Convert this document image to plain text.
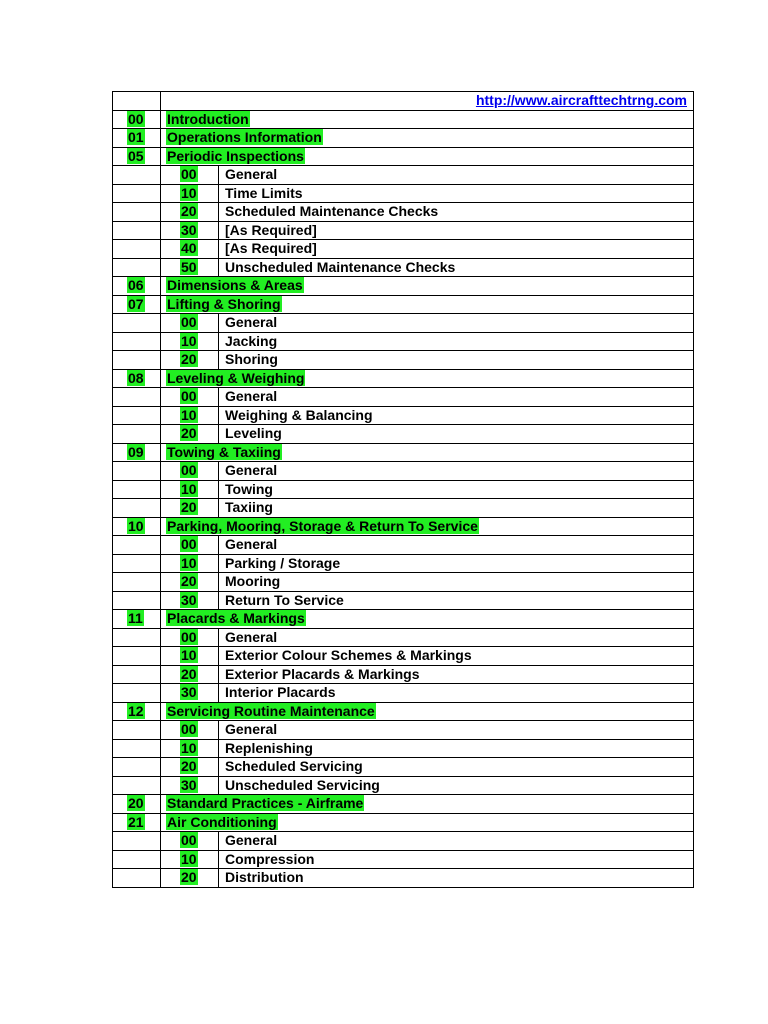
	http://www.aircrafttechtrng.com	
00	Introduction	
01	Operations Information	
05	Periodic Inspections	
	00	General
	10	Time Limits
	20	Scheduled Maintenance Checks
	30	[As Required]
	40	[As Required]
	50	Unscheduled Maintenance Checks
06	Dimensions & Areas	
07	Lifting & Shoring	
	00	General
	10	Jacking
	20	Shoring
08	Leveling & Weighing	
	00	General
	10	Weighing & Balancing
	20	Leveling
09	Towing & Taxiing	
	00	General
	10	Towing
	20	Taxiing
10	Parking, Mooring, Storage & Return To Service	
	00	General
	10	Parking / Storage
	20	Mooring
	30	Return To Service
11	Placards & Markings	
	00	General
	10	Exterior Colour Schemes & Markings
	20	Exterior Placards & Markings
	30	Interior Placards
12	Servicing Routine Maintenance	
	00	General
	10	Replenishing
	20	Scheduled Servicing
	30	Unscheduled Servicing
20	Standard Practices - Airframe	
21	Air Conditioning	
	00	General
	10	Compression
	20	Distribution
